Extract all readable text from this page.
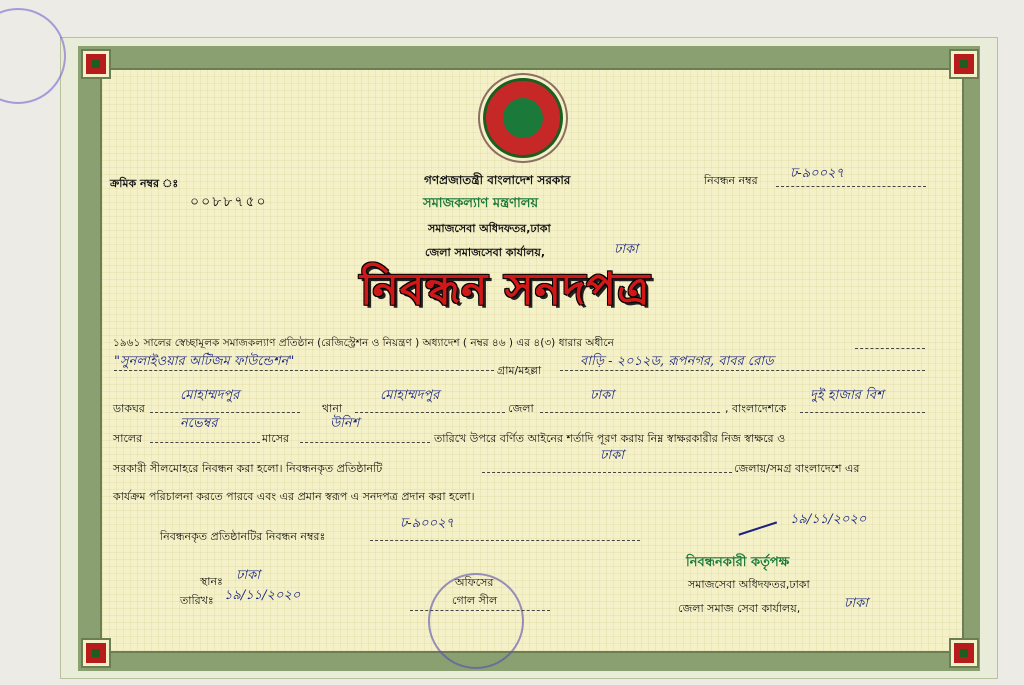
গণপ্রজাতন্ত্রী বাংলাদেশ সরকার
সমাজকল্যাণ মন্ত্রণালয়
সমাজসেবা অধিদফতর,ঢাকা
জেলা সমাজসেবা কার্যালয়,	ঢাকা
ক্রমিক নম্বর ঃ
০০৮৮৭৫০
নিবন্ধন নম্বর ঢ-৯০০২৭
নিবন্ধন সনদপত্র
১৯৬১ সালের স্বেচ্ছামূলক সমাজকল্যাণ প্রতিষ্ঠান (রেজিস্ট্রেশন ও নিয়ন্ত্রণ ) অধ্যাদেশ ( নম্বর ৪৬ ) এর ৪(৩) ধারার অধীনে
"সুনলাইওয়ার অটিজম ফাউন্ডেশন"
গ্রাম/মহল্লা
বাড়ি - ২০১২ড, রূপনগর, বাবর রোড
ডাকঘর
মোহাম্মদপুর
থানা
মোহাম্মদপুর
জেলা
ঢাকা
, বাংলাদেশকে
দুই হাজার বিশ
সালের
নভেম্বর
মাসের
উনিশ
তারিখে উপরে বর্ণিত আইনের শর্তাদি পূরণ করায় নিম্ন স্বাক্ষরকারীর নিজ স্বাক্ষরে ও
সরকারী সীলমোহরে নিবন্ধন করা হলো। নিবন্ধনকৃত প্রতিষ্ঠানটি
ঢাকা
জেলায়/সমগ্র বাংলাদেশে এর
কার্যক্রম পরিচালনা করতে পারবে এবং এর প্রমান স্বরূপ এ সনদপত্র প্রদান করা হলো।
নিবন্ধনকৃত প্রতিষ্ঠানটির নিবন্ধন নম্বরঃ
ঢ-৯০০২৭	১৯/১১/২০২০
স্থানঃ ঢাকা
তারিখঃ ১৯/১১/২০২০
অফিসের
গোল সীল
নিবন্ধনকারী কর্তৃপক্ষ
সমাজসেবা অধিদফতর,ঢাকা
জেলা সমাজ সেবা কার্যালয়,	ঢাকা
